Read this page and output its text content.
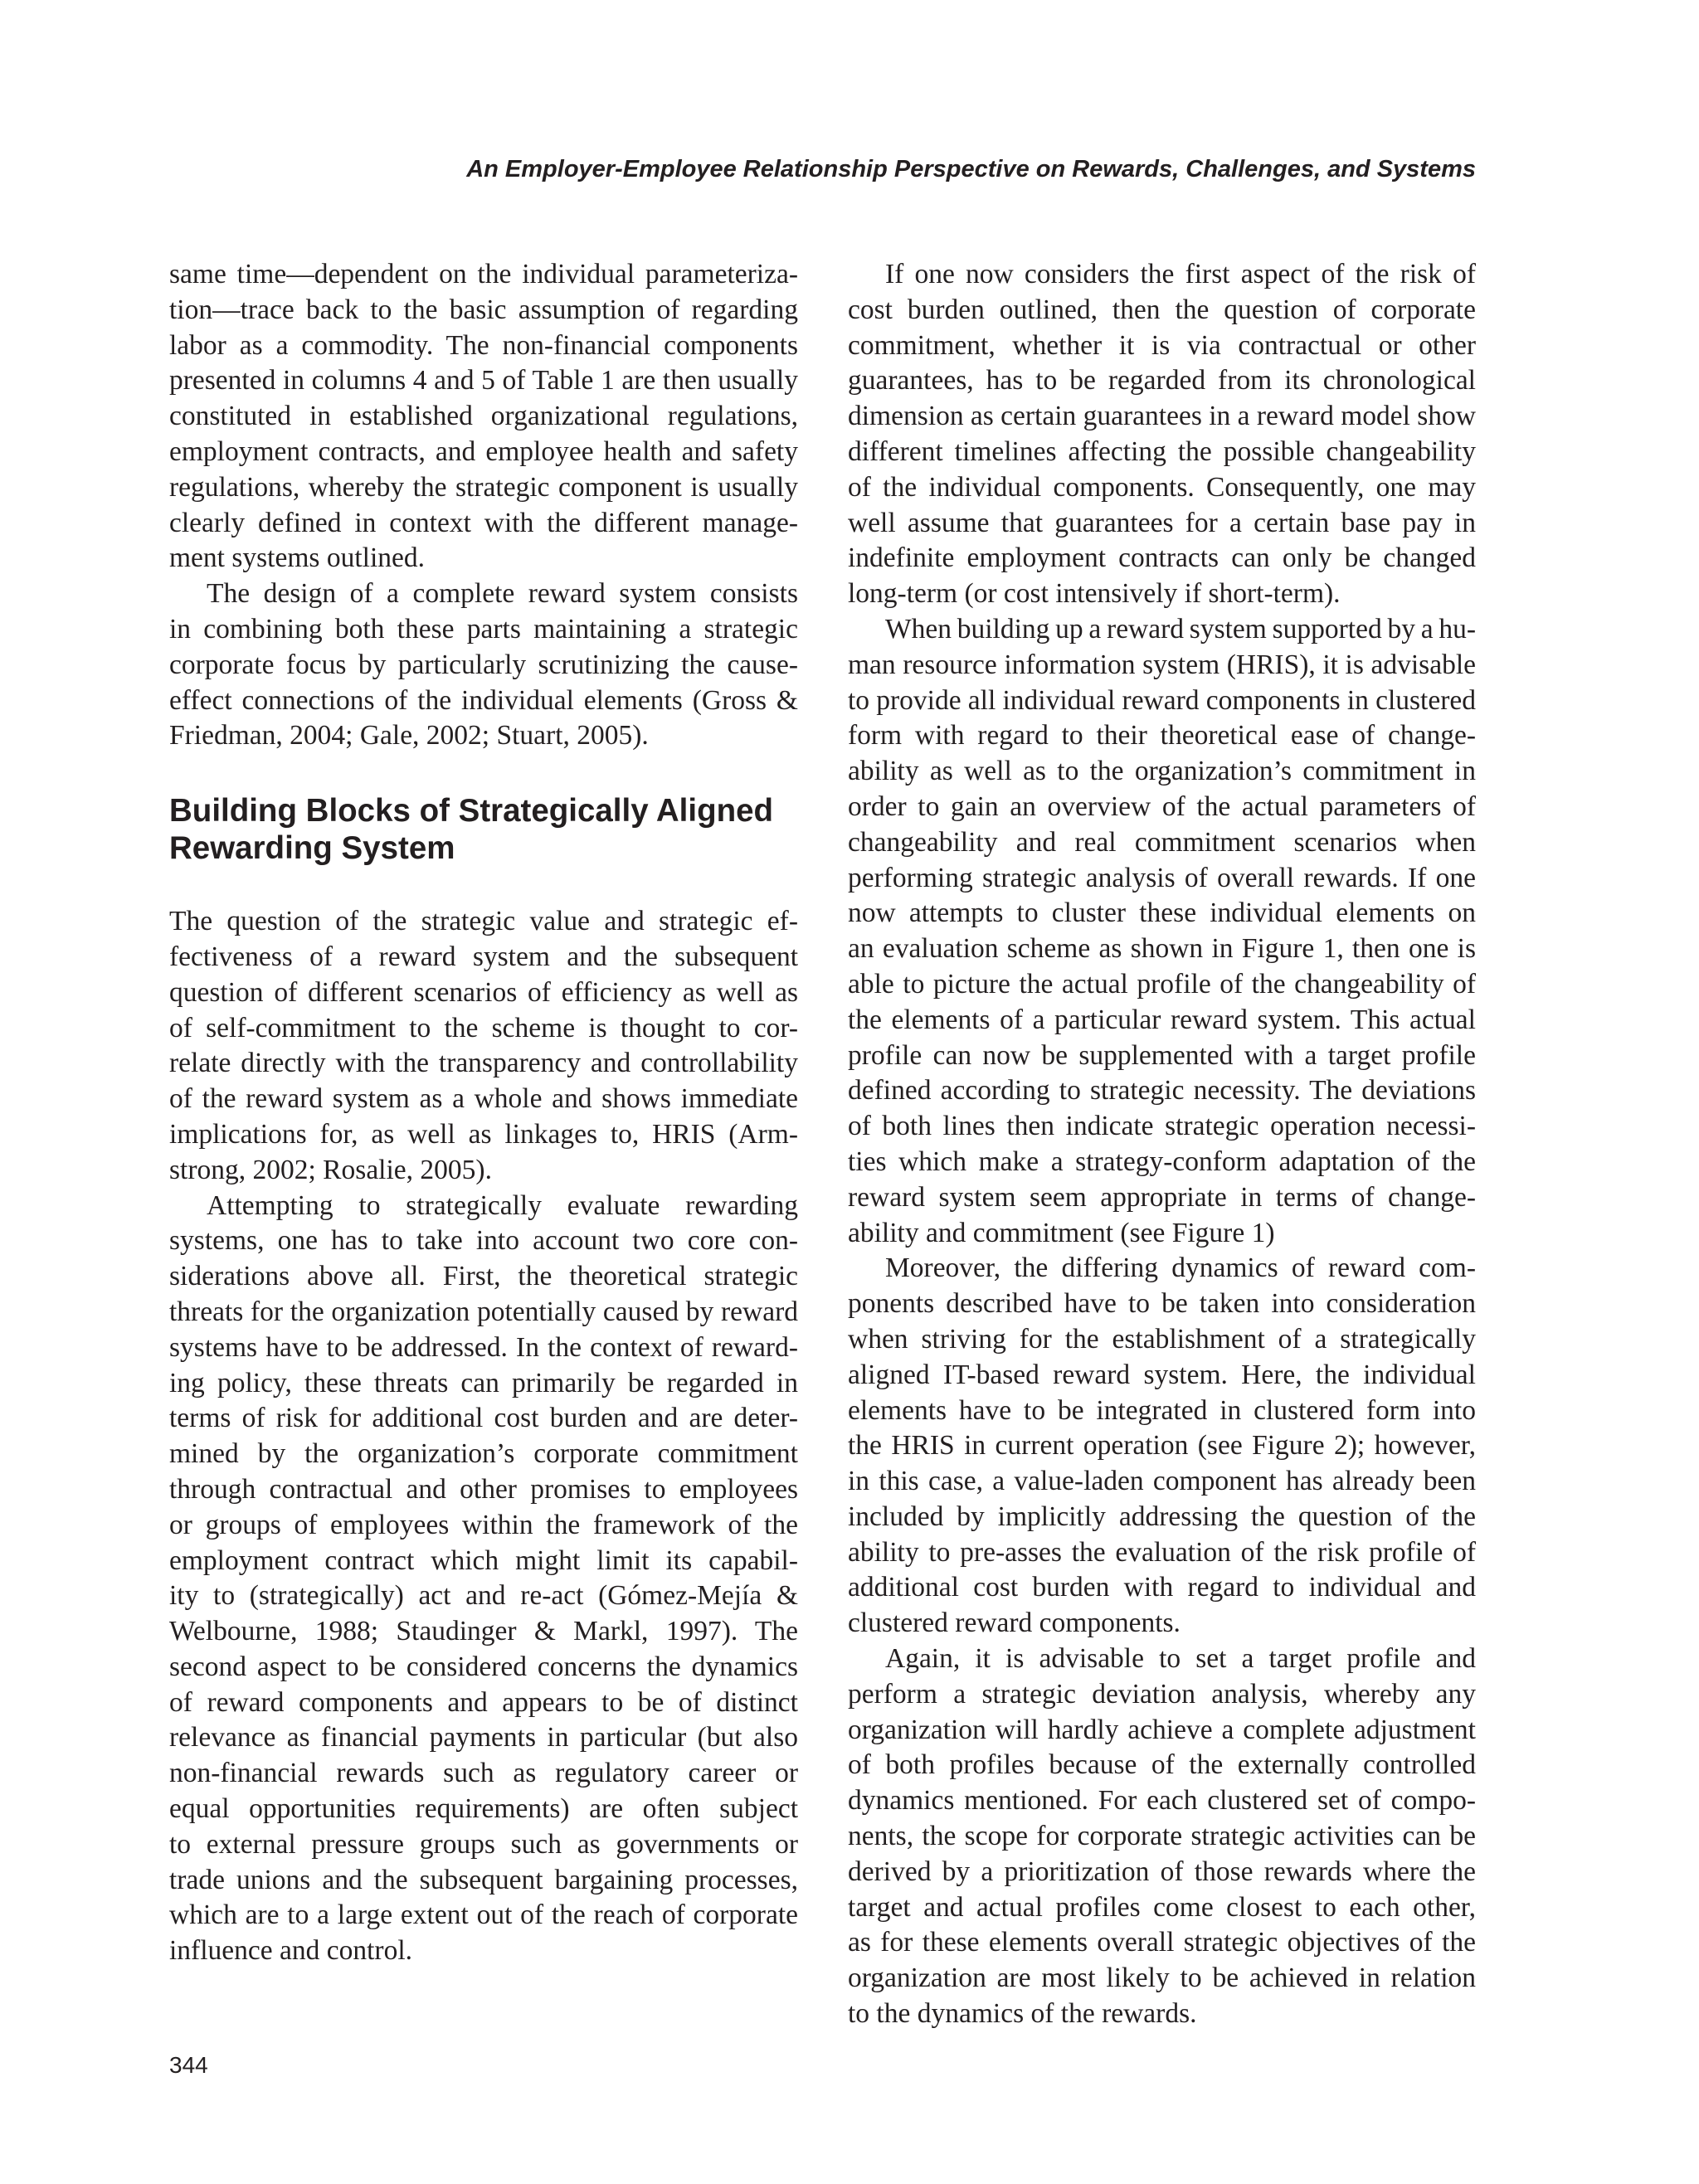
An Employer-Employee Relationship Perspective on Rewards, Challenges, and Systems
same time—dependent on the individual parameteriza-
tion—trace back to the basic assumption of regarding
labor as a commodity. The non-financial components
presented in columns 4 and 5 of Table 1 are then usually
constituted in established organizational regulations,
employment contracts, and employee health and safety
regulations, whereby the strategic component is usually
clearly defined in context with the different manage-
ment systems outlined.
The design of a complete reward system consists
in combining both these parts maintaining a strategic
corporate focus by particularly scrutinizing the cause-
effect connections of the individual elements (Gross &
Friedman, 2004; Gale, 2002; Stuart, 2005).
Building Blocks of Strategically Aligned
Rewarding System
The question of the strategic value and strategic ef-
fectiveness of a reward system and the subsequent
question of different scenarios of efficiency as well as
of self-commitment to the scheme is thought to cor-
relate directly with the transparency and controllability
of the reward system as a whole and shows immediate
implications for, as well as linkages to, HRIS (Arm-
strong, 2002; Rosalie, 2005).
Attempting to strategically evaluate rewarding
systems, one has to take into account two core con-
siderations above all. First, the theoretical strategic
threats for the organization potentially caused by reward
systems have to be addressed. In the context of reward-
ing policy, these threats can primarily be regarded in
terms of risk for additional cost burden and are deter-
mined by the organization’s corporate commitment
through contractual and other promises to employees
or groups of employees within the framework of the
employment contract which might limit its capabil-
ity to (strategically) act and re-act (Gómez-Mejía &
Welbourne, 1988; Staudinger & Markl, 1997). The
second aspect to be considered concerns the dynamics
of reward components and appears to be of distinct
relevance as financial payments in particular (but also
non-financial rewards such as regulatory career or
equal opportunities requirements) are often subject
to external pressure groups such as governments or
trade unions and the subsequent bargaining processes,
which are to a large extent out of the reach of corporate
influence and control.
If one now considers the first aspect of the risk of
cost burden outlined, then the question of corporate
commitment, whether it is via contractual or other
guarantees, has to be regarded from its chronological
dimension as certain guarantees in a reward model show
different timelines affecting the possible changeability
of the individual components. Consequently, one may
well assume that guarantees for a certain base pay in
indefinite employment contracts can only be changed
long-term (or cost intensively if short-term).
When building up a reward system supported by a hu-
man resource information system (HRIS), it is advisable
to provide all individual reward components in clustered
form with regard to their theoretical ease of change-
ability as well as to the organization’s commitment in
order to gain an overview of the actual parameters of
changeability and real commitment scenarios when
performing strategic analysis of overall rewards. If one
now attempts to cluster these individual elements on
an evaluation scheme as shown in Figure 1, then one is
able to picture the actual profile of the changeability of
the elements of a particular reward system. This actual
profile can now be supplemented with a target profile
defined according to strategic necessity. The deviations
of both lines then indicate strategic operation necessi-
ties which make a strategy-conform adaptation of the
reward system seem appropriate in terms of change-
ability and commitment (see Figure 1)
Moreover, the differing dynamics of reward com-
ponents described have to be taken into consideration
when striving for the establishment of a strategically
aligned IT-based reward system. Here, the individual
elements have to be integrated in clustered form into
the HRIS in current operation (see Figure 2); however,
in this case, a value-laden component has already been
included by implicitly addressing the question of the
ability to pre-asses the evaluation of the risk profile of
additional cost burden with regard to individual and
clustered reward components.
Again, it is advisable to set a target profile and
perform a strategic deviation analysis, whereby any
organization will hardly achieve a complete adjustment
of both profiles because of the externally controlled
dynamics mentioned. For each clustered set of compo-
nents, the scope for corporate strategic activities can be
derived by a prioritization of those rewards where the
target and actual profiles come closest to each other,
as for these elements overall strategic objectives of the
organization are most likely to be achieved in relation
to the dynamics of the rewards.
344
